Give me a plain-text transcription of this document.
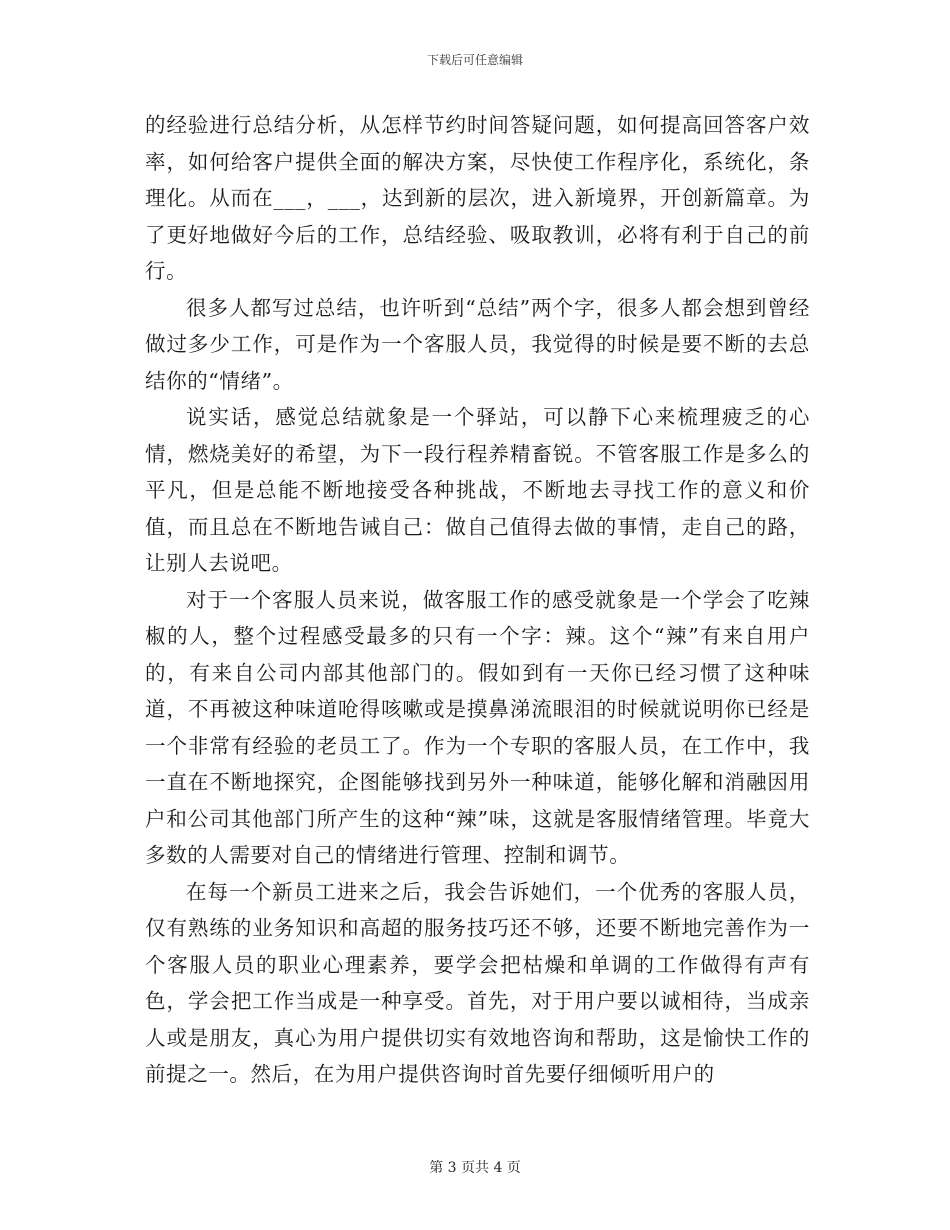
下载后可任意编辑

的经验进行总结分析，从怎样节约时间答疑问题，如何提高回答客户效率，如何给客户提供全面的解决方案，尽快使工作程序化，系统化，条理化。从而在___，___，达到新的层次，进入新境界，开创新篇章。为了更好地做好今后的工作，总结经验、吸取教训，必将有利于自己的前行。

很多人都写过总结，也许听到“总结”两个字，很多人都会想到曾经做过多少工作，可是作为一个客服人员，我觉得的时候是要不断的去总结你的“情绪”。

说实话，感觉总结就象是一个驿站，可以静下心来梳理疲乏的心情，燃烧美好的希望，为下一段行程养精畜锐。不管客服工作是多么的平凡，但是总能不断地接受各种挑战，不断地去寻找工作的意义和价值，而且总在不断地告诫自己：做自己值得去做的事情，走自己的路，让别人去说吧。

对于一个客服人员来说，做客服工作的感受就象是一个学会了吃辣椒的人，整个过程感受最多的只有一个字：辣。这个“辣”有来自用户的，有来自公司内部其他部门的。假如到有一天你已经习惯了这种味道，不再被这种味道呛得咳嗽或是摸鼻涕流眼泪的时候就说明你已经是一个非常有经验的老员工了。作为一个专职的客服人员，在工作中，我一直在不断地探究，企图能够找到另外一种味道，能够化解和消融因用户和公司其他部门所产生的这种“辣”味，这就是客服情绪管理。毕竟大多数的人需要对自己的情绪进行管理、控制和调节。

在每一个新员工进来之后，我会告诉她们，一个优秀的客服人员，仅有熟练的业务知识和高超的服务技巧还不够，还要不断地完善作为一个客服人员的职业心理素养，要学会把枯燥和单调的工作做得有声有色，学会把工作当成是一种享受。首先，对于用户要以诚相待，当成亲人或是朋友，真心为用户提供切实有效地咨询和帮助，这是愉快工作的前提之一。然后，在为用户提供咨询时首先要仔细倾听用户的

第 3 页共 4 页
